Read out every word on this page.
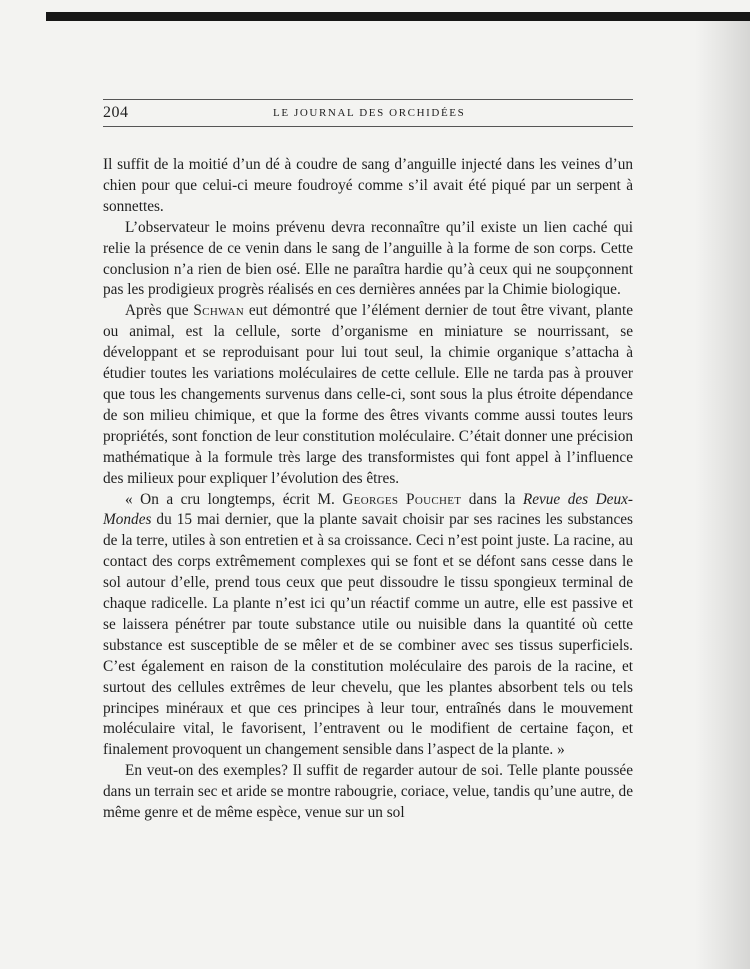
204	LE JOURNAL DES ORCHIDÉES

Il suffit de la moitié d’un dé à coudre de sang d’anguille injecté dans les veines d’un chien pour que celui-ci meure foudroyé comme s’il avait été piqué par un serpent à sonnettes.

L’observateur le moins prévenu devra reconnaître qu’il existe un lien caché qui relie la présence de ce venin dans le sang de l’anguille à la forme de son corps. Cette conclusion n’a rien de bien osé. Elle ne paraîtra hardie qu’à ceux qui ne soupçonnent pas les prodigieux progrès réalisés en ces dernières années par la Chimie biologique.

Après que Schwan eut démontré que l’élément dernier de tout être vivant, plante ou animal, est la cellule, sorte d’organisme en miniature se nourrissant, se développant et se reproduisant pour lui tout seul, la chimie organique s’attacha à étudier toutes les variations moléculaires de cette cellule. Elle ne tarda pas à prouver que tous les changements survenus dans celle-ci, sont sous la plus étroite dépendance de son milieu chimique, et que la forme des êtres vivants comme aussi toutes leurs propriétés, sont fonction de leur constitution moléculaire. C’était donner une précision mathématique à la formule très large des transformistes qui font appel à l’influence des milieux pour expliquer l’évolution des êtres.

« On a cru longtemps, écrit M. Georges Pouchet dans la Revue des Deux-Mondes du 15 mai dernier, que la plante savait choisir par ses racines les substances de la terre, utiles à son entretien et à sa croissance. Ceci n’est point juste. La racine, au contact des corps extrêmement complexes qui se font et se défont sans cesse dans le sol autour d’elle, prend tous ceux que peut dissoudre le tissu spongieux terminal de chaque radicelle. La plante n’est ici qu’un réactif comme un autre, elle est passive et se laissera pénétrer par toute substance utile ou nuisible dans la quantité où cette substance est susceptible de se mêler et de se combiner avec ses tissus superficiels. C’est également en raison de la constitution moléculaire des parois de la racine, et surtout des cellules extrêmes de leur chevelu, que les plantes absorbent tels ou tels principes minéraux et que ces principes à leur tour, entraînés dans le mouvement moléculaire vital, le favorisent, l’entravent ou le modifient de certaine façon, et finalement provoquent un changement sensible dans l’aspect de la plante. »

En veut-on des exemples? Il suffit de regarder autour de soi. Telle plante poussée dans un terrain sec et aride se montre rabougrie, coriace, velue, tandis qu’une autre, de même genre et de même espèce, venue sur un sol
